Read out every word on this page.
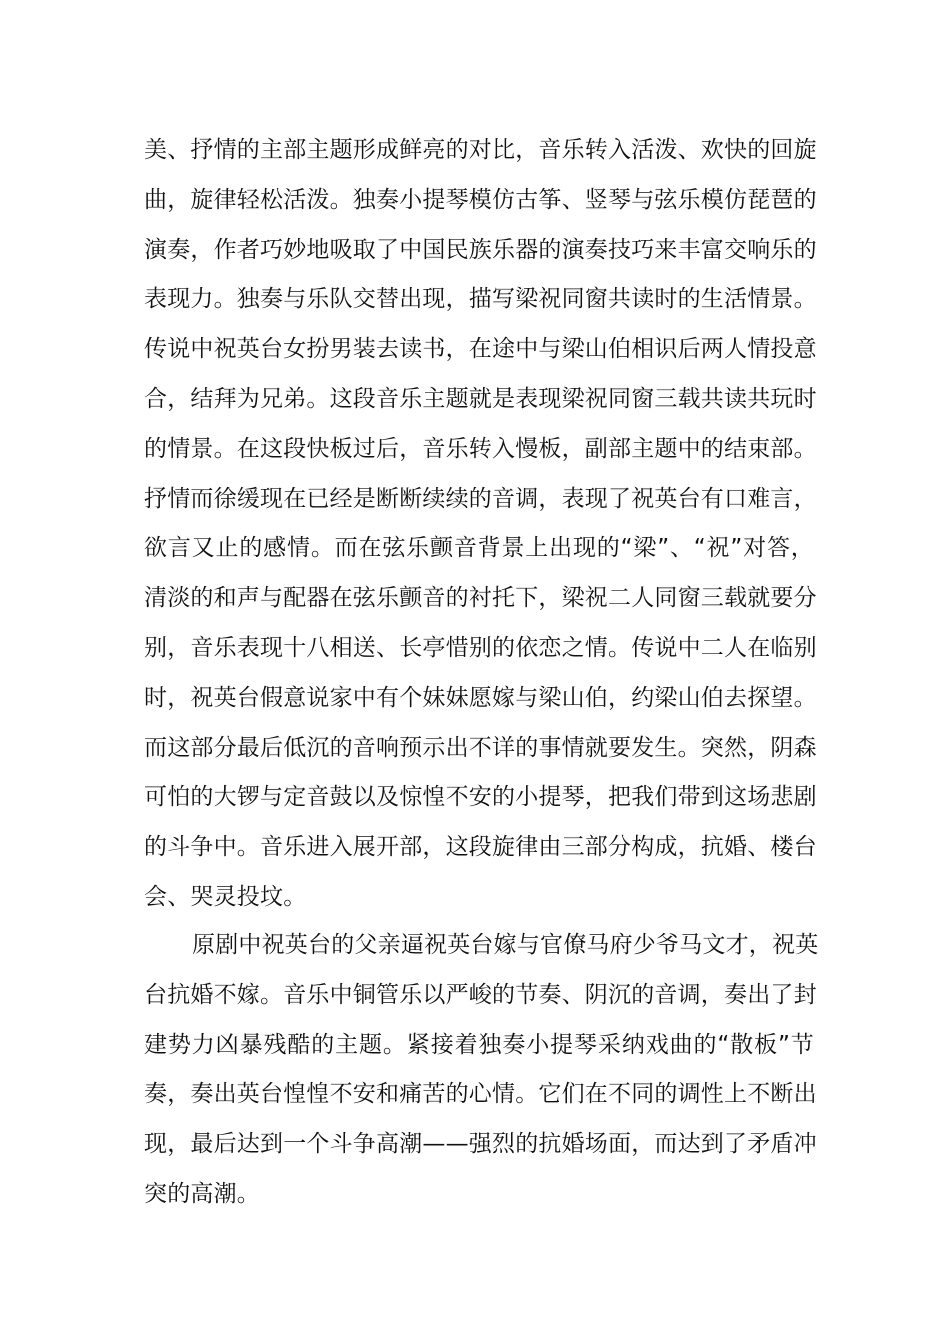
美、抒情的主部主题形成鲜亮的对比，音乐转入活泼、欢快的回旋
曲，旋律轻松活泼。独奏小提琴模仿古筝、竖琴与弦乐模仿琵琶的
演奏，作者巧妙地吸取了中国民族乐器的演奏技巧来丰富交响乐的
表现力。独奏与乐队交替出现，描写梁祝同窗共读时的生活情景。
传说中祝英台女扮男装去读书，在途中与梁山伯相识后两人情投意
合，结拜为兄弟。这段音乐主题就是表现梁祝同窗三载共读共玩时
的情景。在这段快板过后，音乐转入慢板，副部主题中的结束部。
抒情而徐缓现在已经是断断续续的音调，表现了祝英台有口难言，
欲言又止的感情。而在弦乐颤音背景上出现的“梁”、“祝”对答，
清淡的和声与配器在弦乐颤音的衬托下，梁祝二人同窗三载就要分
别，音乐表现十八相送、长亭惜别的依恋之情。传说中二人在临别
时，祝英台假意说家中有个妹妹愿嫁与梁山伯，约梁山伯去探望。
而这部分最后低沉的音响预示出不详的事情就要发生。突然，阴森
可怕的大锣与定音鼓以及惊惶不安的小提琴，把我们带到这场悲剧
的斗争中。音乐进入展开部，这段旋律由三部分构成，抗婚、楼台
会、哭灵投坟。
原剧中祝英台的父亲逼祝英台嫁与官僚马府少爷马文才，祝英
台抗婚不嫁。音乐中铜管乐以严峻的节奏、阴沉的音调，奏出了封
建势力凶暴残酷的主题。紧接着独奏小提琴采纳戏曲的“散板”节
奏，奏出英台惶惶不安和痛苦的心情。它们在不同的调性上不断出
现，最后达到一个斗争高潮——强烈的抗婚场面，而达到了矛盾冲
突的高潮。
